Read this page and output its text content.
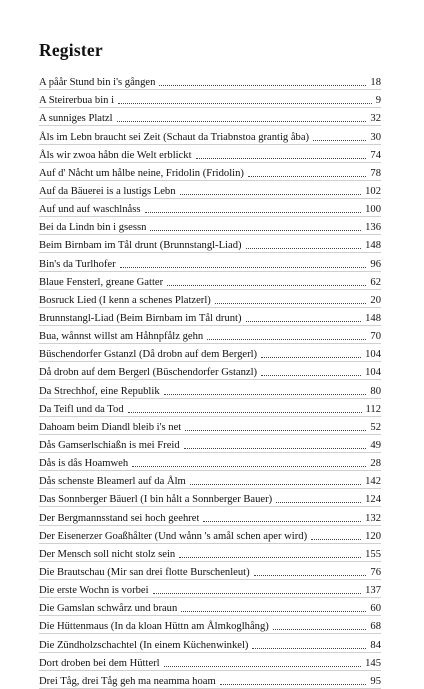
Register
A påår Stund bin i's gången	18
A Steirerbua bin i	9
A sunniges Platzl	32
Åls im Lebn braucht sei Zeit (Schaut da Triabnstoa grantig åba)	30
Åls wir zwoa håbn die Welt erblickt	74
Auf d' Nåcht um hålbe neine, Fridolin (Fridolin)	78
Auf da Bäuerei is a lustigs Lebn	102
Auf und auf waschlnåss	100
Bei da Lindn bin i gsessn	136
Beim Birnbam im Tål drunt (Brunnstangl-Liad)	148
Bin's da Turlhofer	96
Blaue Fensterl, greane Gatter	62
Bosruck Lied (I kenn a schenes Platzerl)	20
Brunnstangl-Liad (Beim Birnbam im Tål drunt)	148
Bua, wånnst willst am Håhnpfålz gehn	70
Büschendorfer Gstanzl (Då drobn auf dem Bergerl)	104
Då drobn auf dem Bergerl (Büschendorfer Gstanzl)	104
Da Strechhof, eine Republik	80
Da Teifl und da Tod	112
Dahoam beim Diandl bleib i's net	52
Dås Gamserlschiaßn is mei Freid	49
Dås is dås Hoamweh	28
Dås schenste Bleamerl auf da Ålm	142
Das Sonnberger Bäuerl (I bin hålt a Sonnberger Bauer)	124
Der Bergmannsstand sei hoch geehret	132
Der Eisenerzer Goaßhålter (Und wånn 's amål schen aper wird)	120
Der Mensch soll nicht stolz sein	155
Die Brautschau (Mir san drei flotte Burschenleut)	76
Die erste Wochn is vorbei	137
Die Gamslan schwårz und braun	60
Die Hüttenmaus (In da kloan Hüttn am Ålmkoglhång)	68
Die Zündholzschachtel (In einem Küchenwinkel)	84
Dort droben bei dem Hütterl	145
Drei Tåg, drei Tåg geh ma neamma hoam	95
